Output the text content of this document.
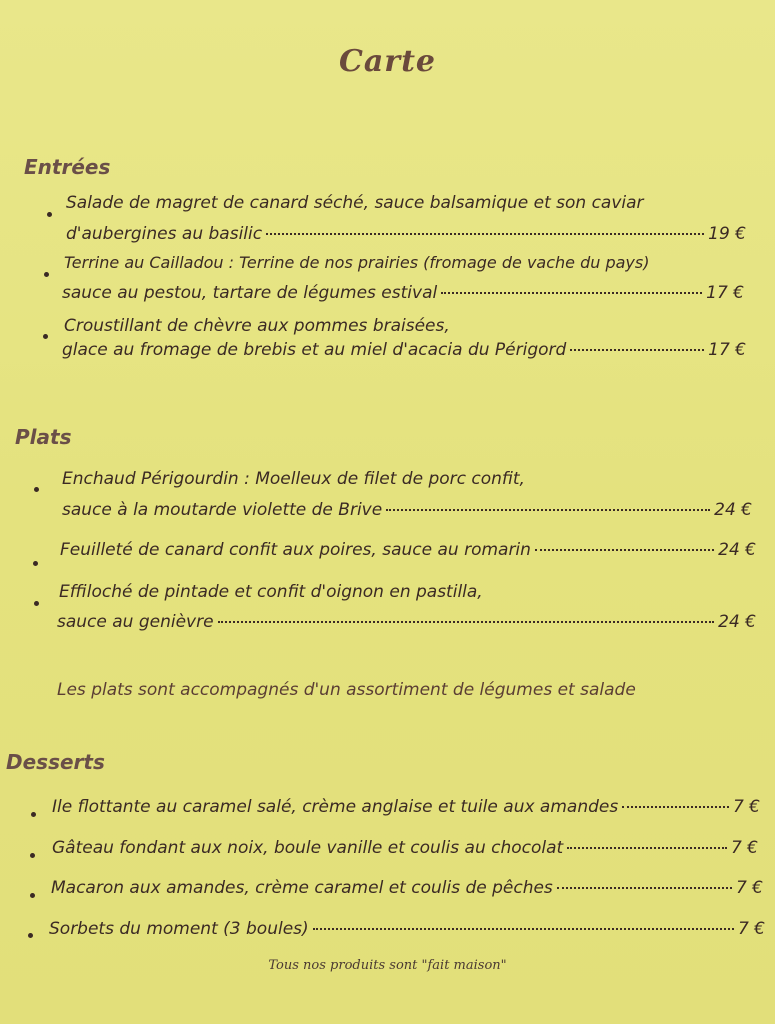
Carte
Entrées
Salade de magret de canard séché, sauce balsamique et son caviar
d'aubergines au basilic	19 €
Terrine au Cailladou : Terrine de nos prairies (fromage de vache du pays)
sauce au pestou, tartare de légumes estival	17 €
Croustillant de chèvre aux pommes braisées,
glace au fromage de brebis et au miel d'acacia du Périgord	17 €
Plats
Enchaud Périgourdin : Moelleux de filet de porc confit,
sauce à la moutarde violette de Brive	24 €
Feuilleté de canard confit aux poires, sauce au romarin	24 €
Effiloché de pintade et confit d'oignon en pastilla,
sauce au genièvre	24 €
Les plats sont accompagnés d'un assortiment de légumes et salade
Desserts
Ile flottante au caramel salé, crème anglaise et tuile aux amandes	7 €
Gâteau fondant aux noix, boule vanille et coulis au chocolat	7 €
Macaron aux amandes, crème caramel et coulis de pêches	7 €
Sorbets du moment (3 boules)	7 €
Tous nos produits sont "fait maison"
